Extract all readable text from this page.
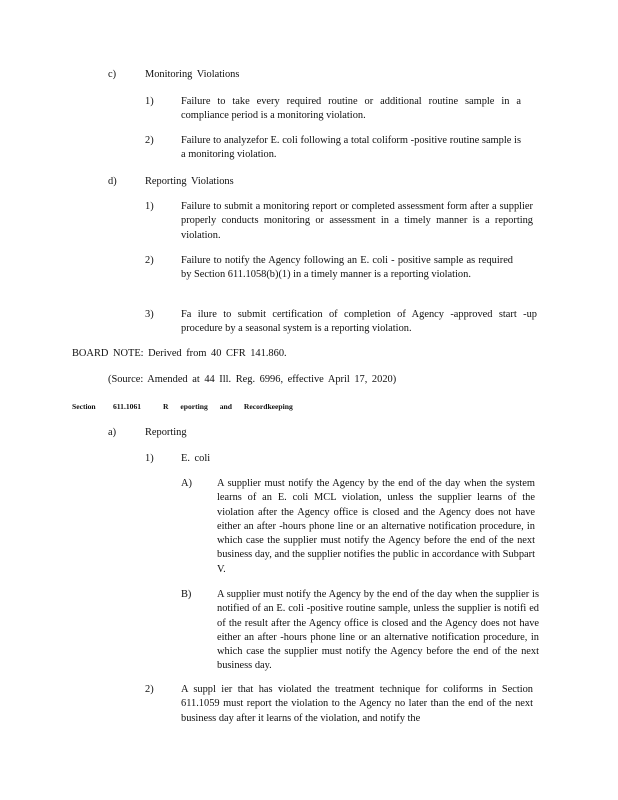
c)	Monitoring Violations
1)	Failure to take every required routine or additional routine sample in a compliance period is a monitoring violation.
2)	Failure to analyzefor E. coli following a total coliform -positive routine sample is a monitoring violation.
d)	Reporting Violations
1)	Failure to submit a monitoring report or completed assessment form after a supplier properly conducts monitoring or assessment in a timely manner is a reporting violation.
2)	Failure to notify the Agency following an E. coli - positive sample as required by Section 611.1058(b)(1) in a timely manner is a reporting violation.
3)	Fa ilure to submit certification of completion of Agency -approved start -up procedure by a seasonal system is a reporting violation.
BOARD NOTE: Derived from 40 CFR 141.860.
(Source: Amended at 44 Ill. Reg. 6996, effective April 17, 2020)
Section 611.1061	R eporting and Recordkeeping
a)	Reporting
1)	E. coli
A) A supplier must notify the Agency by the end of the day when the system learns of an E. coli MCL violation, unless the supplier learns of the violation after the Agency office is closed and the Agency does not have either an after -hours phone line or an alternative notification procedure, in which case the supplier must notify the Agency before the end of the next business day, and the supplier notifies the public in accordance with Subpart V.
B) A supplier must notify the Agency by the end of the day when the supplier is notified of an E. coli -positive routine sample, unless the supplier is notifi ed of the result after the Agency office is closed and the Agency does not have either an after -hours phone line or an alternative notification procedure, in which case the supplier must notify the Agency before the end of the next business day.
2)	A suppl ier that has violated the treatment technique for coliforms in Section 611.1059 must report the violation to the Agency no later than the end of the next business day after it learns of the violation, and notify the
